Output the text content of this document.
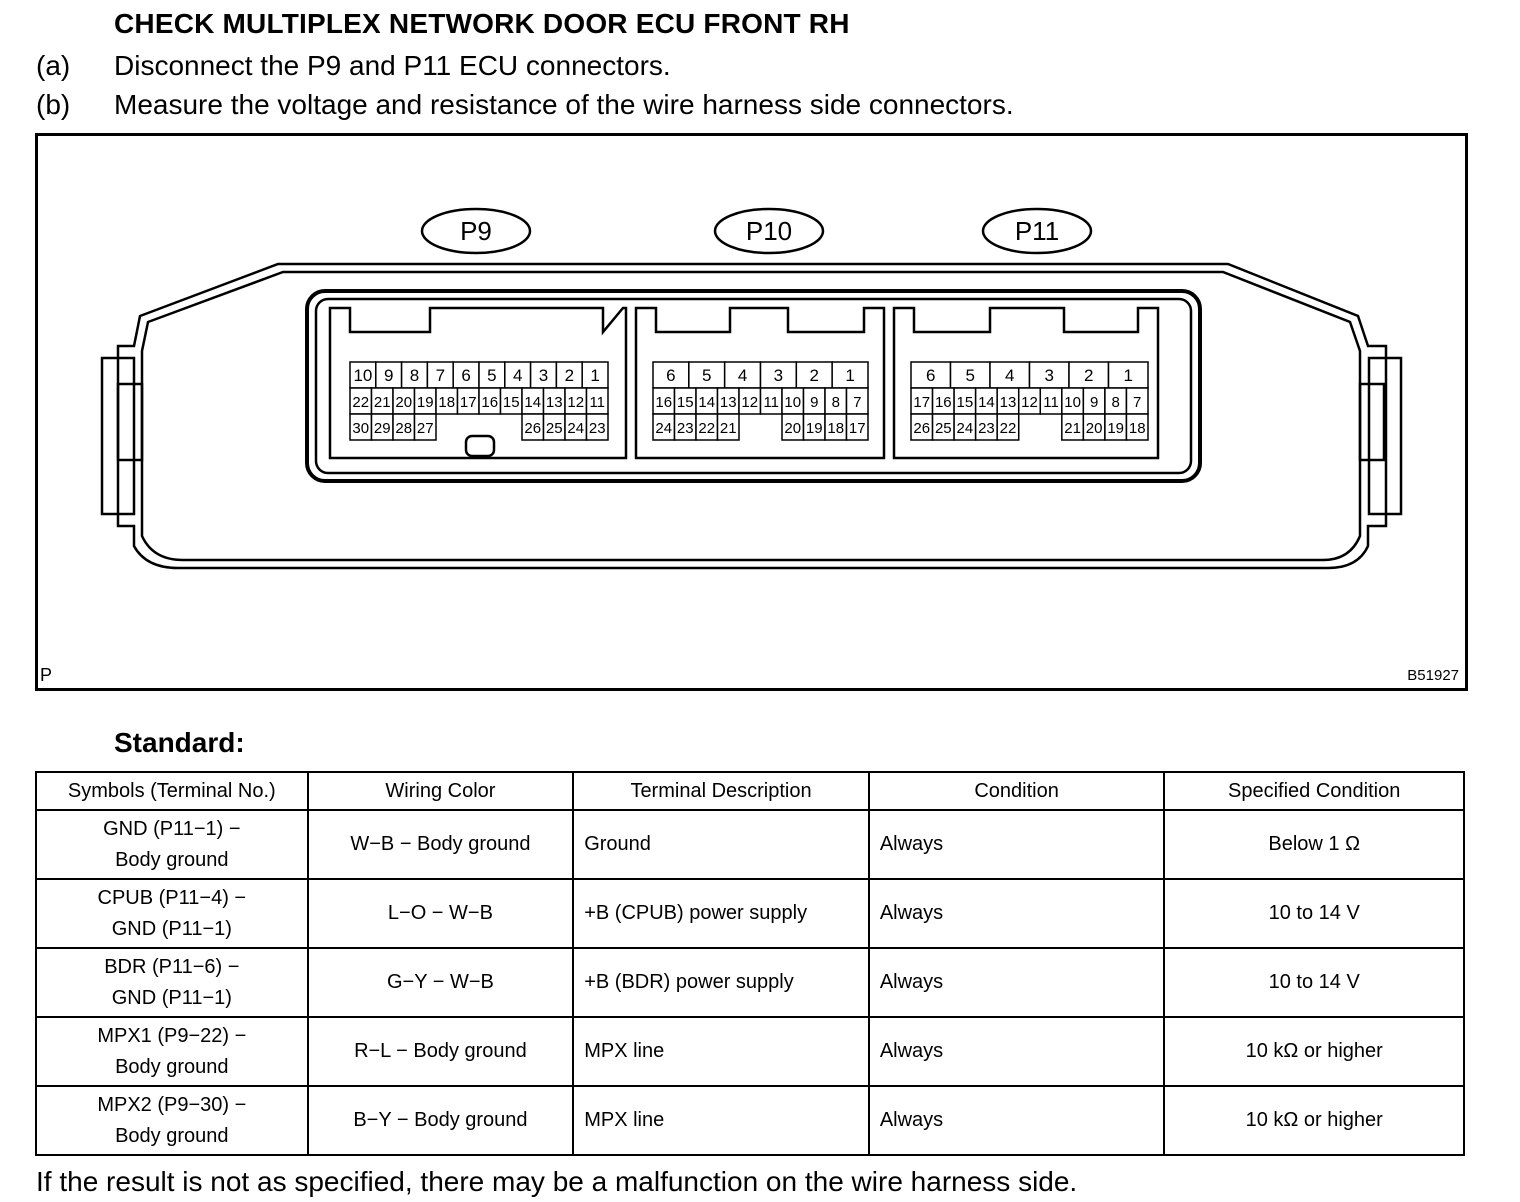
CHECK MULTIPLEX NETWORK DOOR ECU FRONT RH
(a) Disconnect the P9 and P11 ECU connectors.
(b) Measure the voltage and resistance of the wire harness side connectors.
10 9 8 7 6 5 4 3 2 1
22 21 20 19 18 17 16 15 14 13 12 11
30 29 28 27	26 25 24 23
6 5 4 3 2 1
16 15 14 13 12 11 10 9 8 7
24 23 22 21	20 19 18 17
6 5 4 3 2 1
17 16 15 14 13 12 11 10 9 8 7
26 25 24 23 22	21 20 19 18
P9	P10	P11
P	B51927
Standard:
Symbols (Terminal No.)	Wiring Color	Terminal Description	Condition	Specified Condition

GND (P11−1) −
Body ground	W−B − Body ground	Ground	Always	Below 1 Ω

CPUB (P11−4) −
GND (P11−1)	L−O − W−B	+B (CPUB) power supply	Always	10 to 14 V

BDR (P11−6) −
GND (P11−1)	G−Y − W−B	+B (BDR) power supply	Always	10 to 14 V

MPX1 (P9−22) −
Body ground	R−L − Body ground	MPX line	Always	10 kΩ or higher

MPX2 (P9−30) −
Body ground	B−Y − Body ground	MPX line	Always	10 kΩ or higher
If the result is not as specified, there may be a malfunction on the wire harness side.
